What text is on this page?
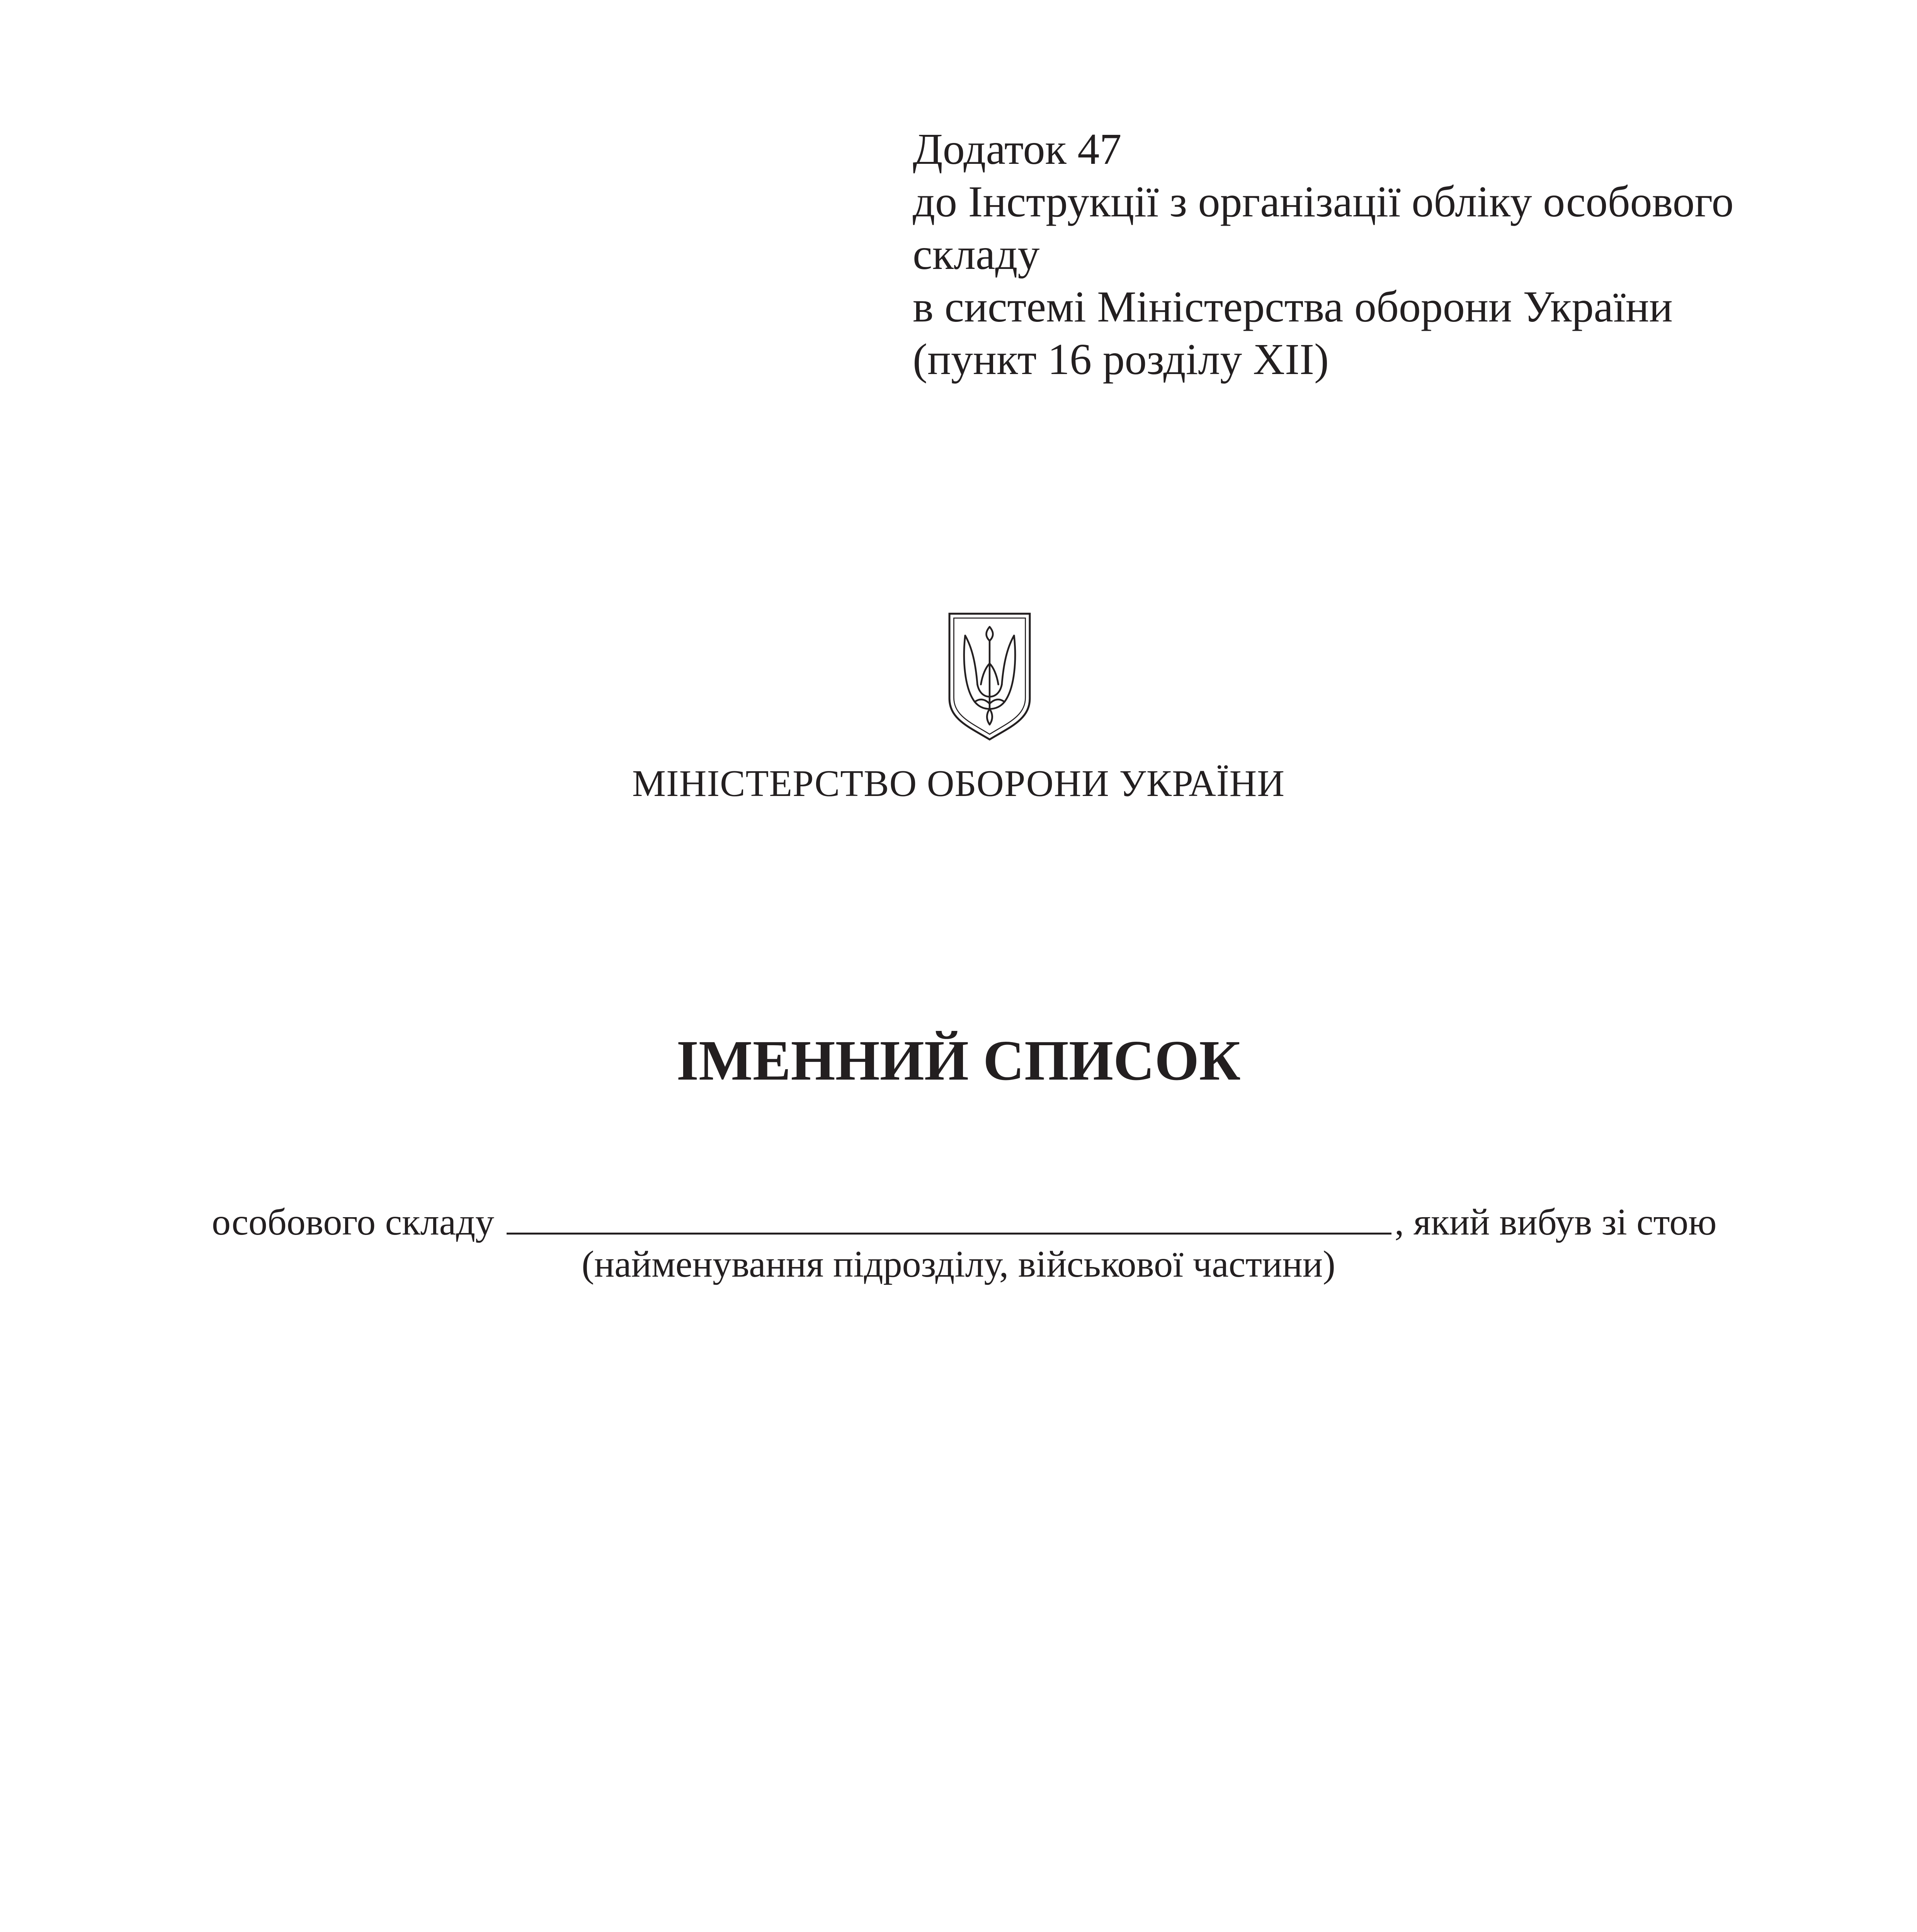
Додаток 47
до Інструкції з організації обліку особового
складу
в системі Міністерства оборони України
(пункт 16 розділу XII)
МІНІСТЕРСТВО ОБОРОНИ УКРАЇНИ
ІМЕННИЙ СПИСОК
особового складу	, який вибув зі стою
(найменування підрозділу, військової частини)
